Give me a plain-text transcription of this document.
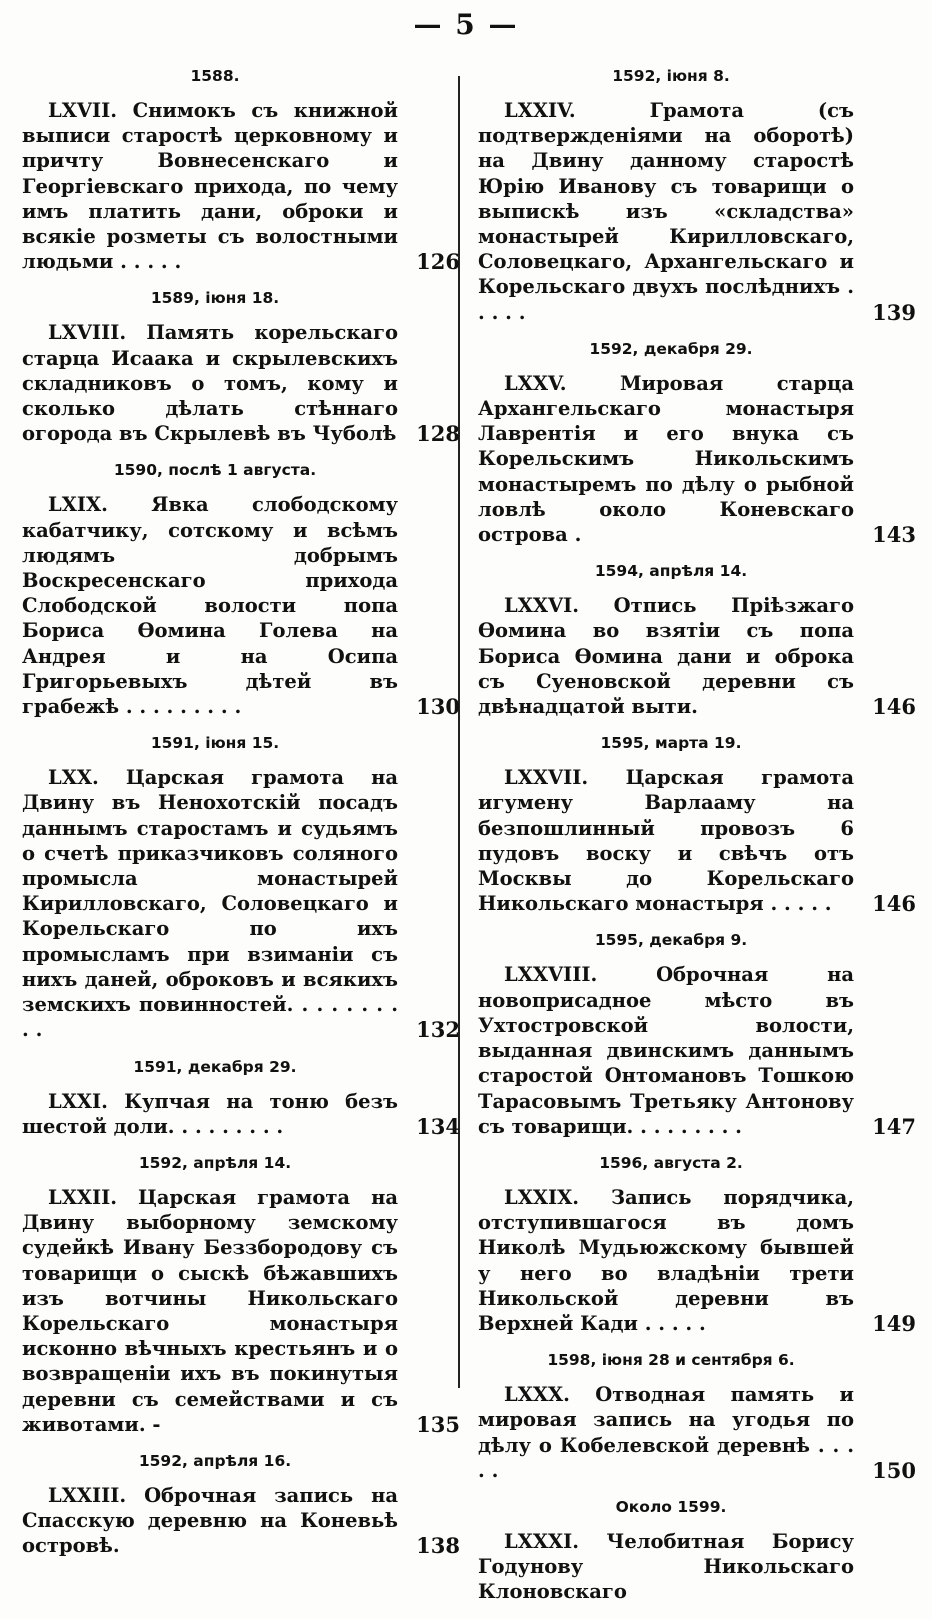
— 5 —
1588.
LXVII. Снимокъ съ книжной выписи старостѣ церковному и причту Вовнесенскаго и Георгіевскаго прихода, по чему имъ платить дани, оброки и всякіе розметы съ волостными людьми . . . . .	126
1589, іюня 18.
LXVIII. Память корельскаго старца Исаака и скрылевскихъ складниковъ о томъ, кому и сколько дѣлать стѣннаго огорода въ Скрылевѣ въ Чуболѣ 128
1590, послѣ 1 августа.
LXIX. Явка слободскому кабатчику, сотскому и всѣмъ людямъ добрымъ Воскресенскаго прихода Слободской волости попа Бориса Ѳомина Голева на Андрея и на Осипа Григорьевыхъ дѣтей въ грабежѣ . . . . . . . . .	130
1591, іюня 15.
LXX. Царская грамота на Двину въ Ненохотскій посадъ даннымъ старостамъ и судьямъ о счетѣ приказчиковъ соляного промысла монастырей Кирилловскаго, Соловецкаго и Корельскаго по ихъ промысламъ при взиманіи съ нихъ даней, оброковъ и всякихъ земскихъ повинностей. . . . . . . . . .	132
1591, декабря 29.
LXXI. Купчая на тоню безъ шестой доли. . . . . . . . .	134
1592, апрѣля 14.
LXXII. Царская грамота на Двину выборному земскому судейкѣ Ивану Беззбородову съ товарищи о сыскѣ бѣжавшихъ изъ вотчины Никольскаго Корельскаго монастыря исконно вѣчныхъ крестьянъ и о возвращеніи ихъ въ покинутыя деревни съ семействами и съ животами. -	135
1592, апрѣля 16.
LXXIII. Оброчная запись на Спасскую деревню на Коневьѣ островѣ.	138
1592, іюня 8.
LXXIV.	Грамота (съ подтвержденіями на оборотѣ) на Двину данному старостѣ Юрію Иванову съ товарищи о выпискѣ изъ «складства» монастырей Кирилловскаго, Соловецкаго, Архангельскаго и Корельскаго двухъ послѣднихъ . . . . .	139
1592, декабря 29.
LXXV.	Мировая старца Архангельскаго монастыря Лаврентія и его внука съ Корельскимъ Никольскимъ монастыремъ по дѣлу о рыбной ловлѣ около Коневскаго острова .	143
1594, апрѣля 14.
LXXVI. Отпись Пріѣзжаго Ѳомина во взятіи съ попа Бориса Ѳомина дани и оброка съ Суеновской деревни съ двѣнадцатой выти.	146
1595, марта 19.
LXXVII. Царская грамота игумену Варлааму на безпошлинный провозъ 6 пудовъ воску и свѣчъ отъ Москвы до Корельскаго Никольскаго монастыря . . . . .	146
1595, декабря 9.
LXXVIII.	Оброчная на новоприсадное мѣсто въ Ухтостровской волости, выданная двинскимъ даннымъ старостой Онтомановъ Тошкою Тарасовымъ Третьяку Антонову съ товарищи. . . . . . . . .	147
1596, августа 2.
LXXIX. Запись порядчика, отступившагося въ домъ Николѣ Мудьюжскому бывшей у него во владѣніи трети Никольской деревни въ Верхней Кади . . . . .	149
1598, іюня 28 и сентября 6.
LXXX. Отводная память и мировая запись на угодья по дѣлу о Кобелевской деревнѣ . . . . .	150
Около 1599.
LXXXI. Челобитная Борису Годунову Никольскаго Клоновскаго
